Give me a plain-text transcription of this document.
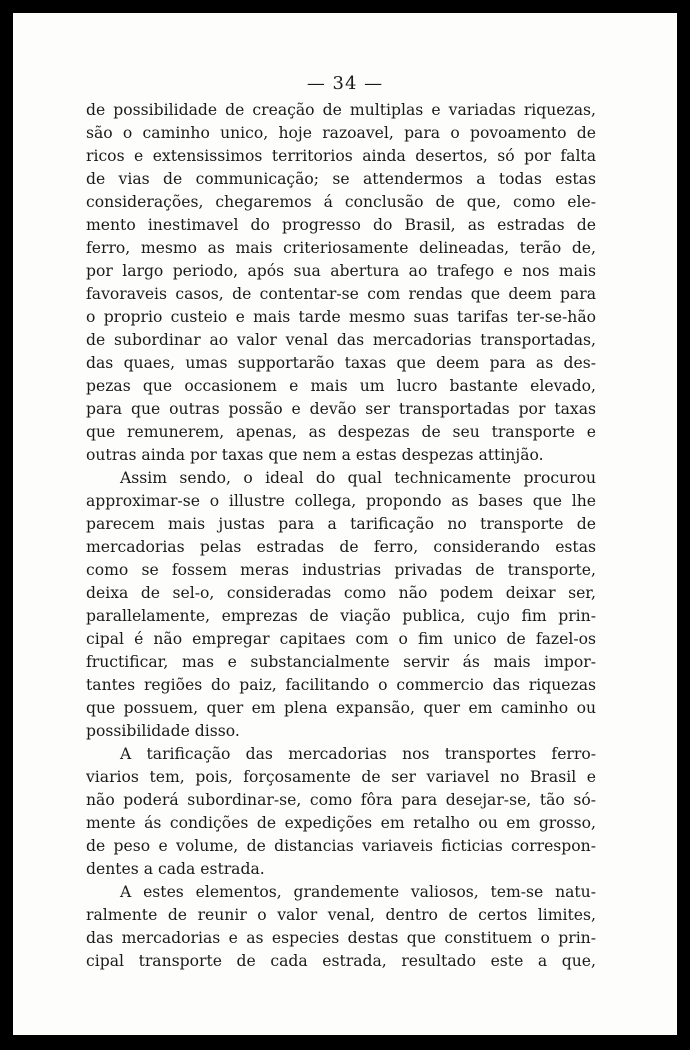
— 34 —
de possibilidade de creação de multiplas e variadas riquezas,
são o caminho unico, hoje razoavel, para o povoamento de
ricos e extensissimos territorios ainda desertos, só por falta
de vias de communicação; se attendermos a todas estas
considerações, chegaremos á conclusão de que, como ele-
mento inestimavel do progresso do Brasil, as estradas de
ferro, mesmo as mais criteriosamente delineadas, terão de,
por largo periodo, após sua abertura ao trafego e nos mais
favoraveis casos, de contentar-se com rendas que deem para
o proprio custeio e mais tarde mesmo suas tarifas ter-se-hão
de subordinar ao valor venal das mercadorias transportadas,
das quaes, umas supportarão taxas que deem para as des-
pezas que occasionem e mais um lucro bastante elevado,
para que outras possão e devão ser transportadas por taxas
que remunerem, apenas, as despezas de seu transporte e
outras ainda por taxas que nem a estas despezas attinjão.
Assim sendo, o ideal do qual technicamente procurou
approximar-se o illustre collega, propondo as bases que lhe
parecem mais justas para a tarificação no transporte de
mercadorias pelas estradas de ferro, considerando estas
como se fossem meras industrias privadas de transporte,
deixa de sel-o, consideradas como não podem deixar ser,
parallelamente, emprezas de viação publica, cujo fim prin-
cipal é não empregar capitaes com o fim unico de fazel-os
fructificar, mas e substancialmente servir ás mais impor-
tantes regiões do paiz, facilitando o commercio das riquezas
que possuem, quer em plena expansão, quer em caminho ou
possibilidade disso.
A tarificação das mercadorias nos transportes ferro-
viarios tem, pois, forçosamente de ser variavel no Brasil e
não poderá subordinar-se, como fôra para desejar-se, tão só-
mente ás condições de expedições em retalho ou em grosso,
de peso e volume, de distancias variaveis ficticias correspon-
dentes a cada estrada.
A estes elementos, grandemente valiosos, tem-se natu-
ralmente de reunir o valor venal, dentro de certos limites,
das mercadorias e as especies destas que constituem o prin-
cipal transporte de cada estrada, resultado este a que,
